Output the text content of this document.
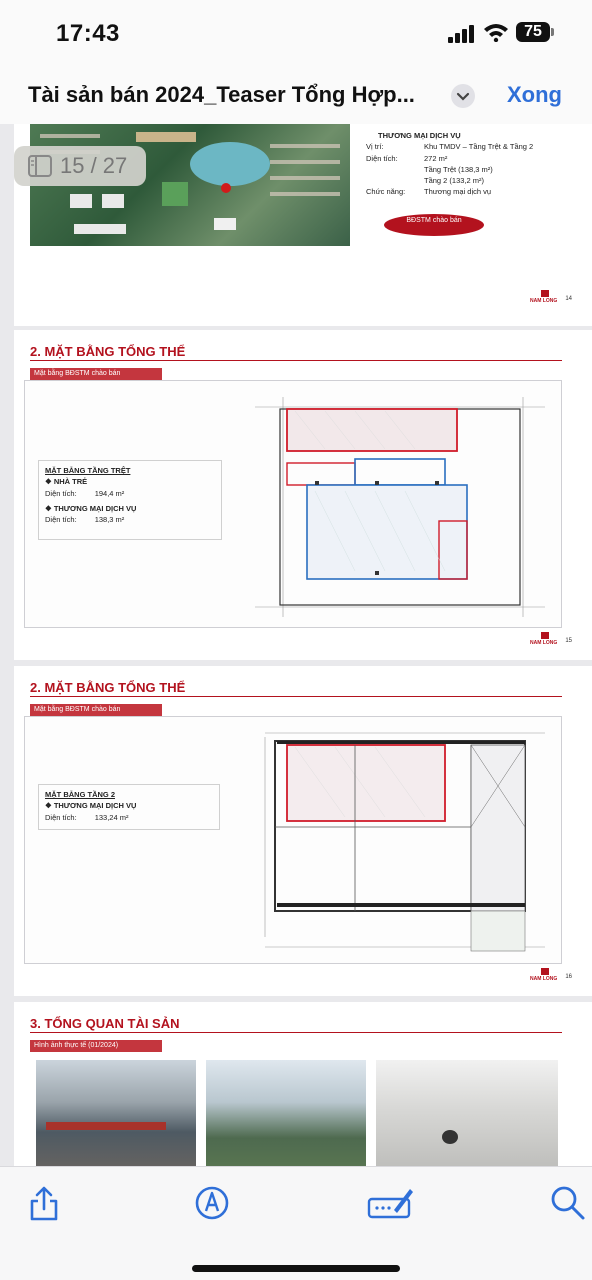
17:43	75
Tài sản bán 2024_Teaser Tổng Hợp...	Xong
THƯƠNG MẠI DỊCH VỤ
Vị trí:	Khu TMDV – Tầng Trệt & Tầng 2
Diện tích:	272 m²
Tầng Trệt (138,3 m²)
Tầng 2 (133,2 m²)
Chức năng:	Thương mại dịch vụ
BĐSTM chào bán
NAM LONG 14
2. MẶT BẰNG TỔNG THỂ
Mặt bằng BĐSTM chào bán
MẶT BẰNG TẦNG TRỆT
❖ NHÀ TRẺ
Diện tích: 194,4 m²
❖ THƯƠNG MẠI DỊCH VỤ
Diện tích: 138,3 m²
NAM LONG 15
2. MẶT BẰNG TỔNG THỂ
Mặt bằng BĐSTM chào bán
MẶT BẰNG TẦNG 2
❖ THƯƠNG MẠI DỊCH VỤ
Diện tích: 133,24 m²
NAM LONG 16
3. TỔNG QUAN TÀI SẢN
Hình ảnh thực tế (01/2024)
15 / 27
